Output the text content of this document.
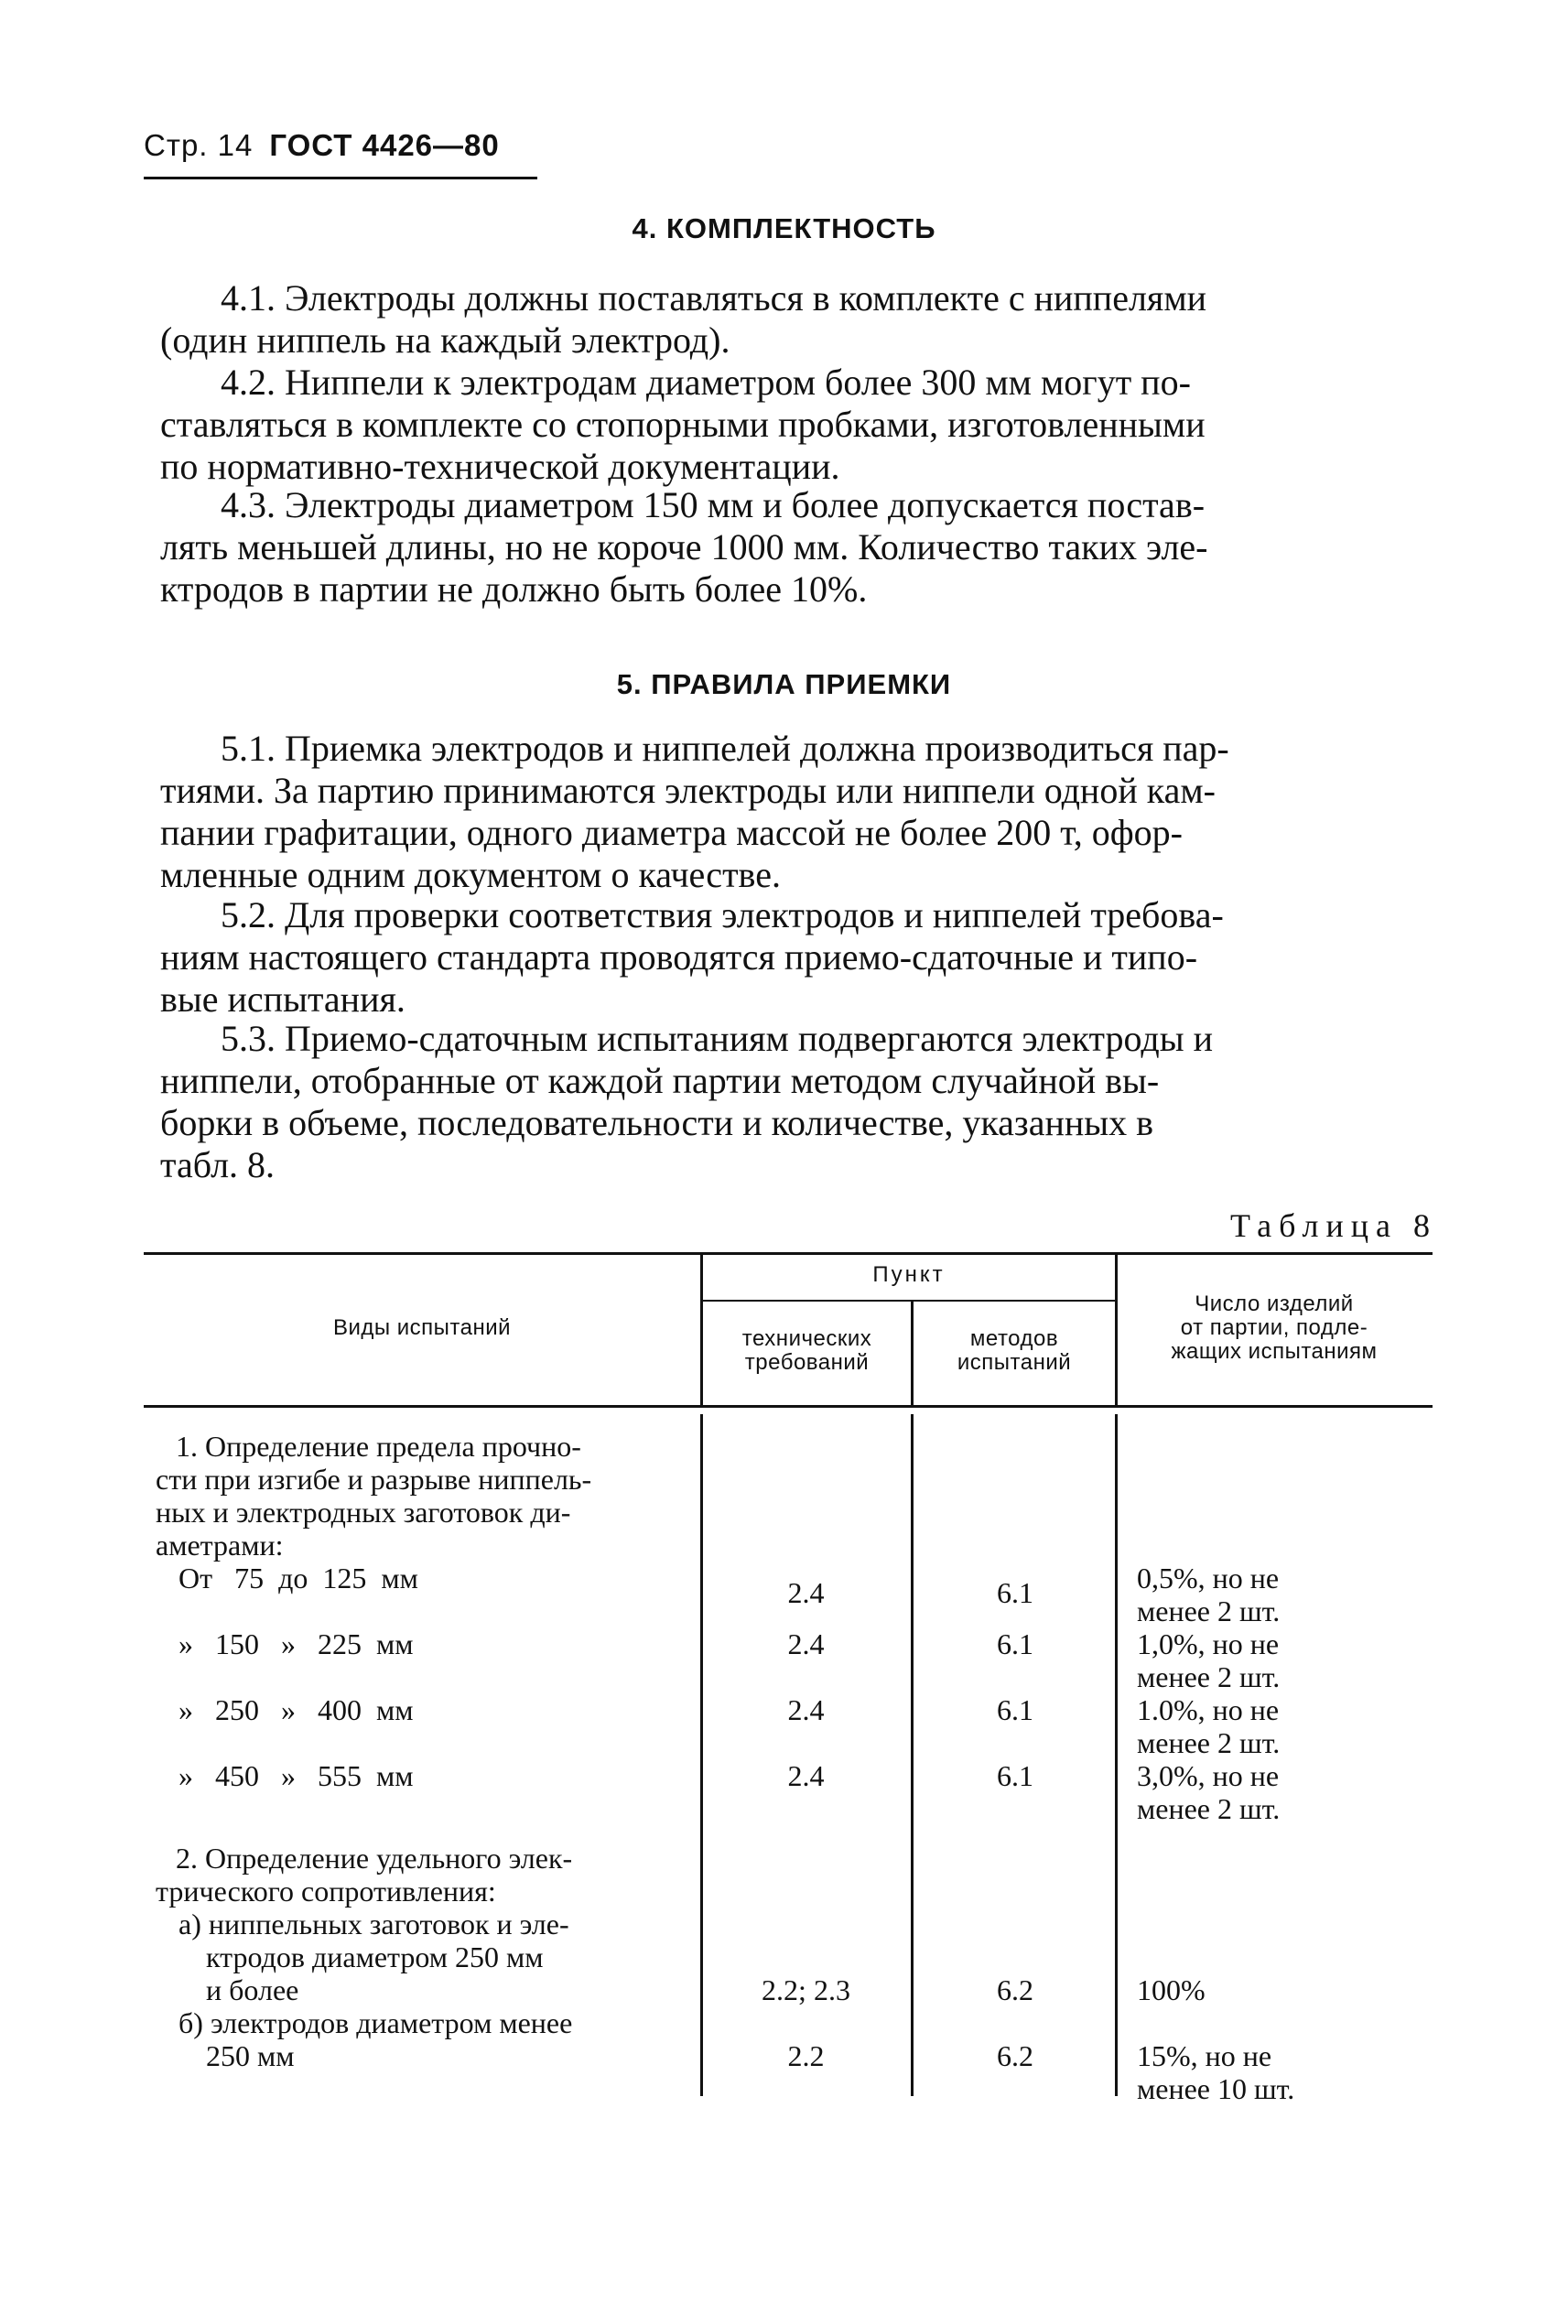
Стр. 14 ГОСТ 4426—80
4. КОМПЛЕКТНОСТЬ
4.1. Электроды должны поставляться в комплекте с ниппелями
(один ниппель на каждый электрод).
4.2. Ниппели к электродам диаметром более 300 мм могут по-
ставляться в комплекте со стопорными пробками, изготовленными
по нормативно-технической документации.
4.3. Электроды диаметром 150 мм и более допускается постав-
лять меньшей длины, но не короче 1000 мм. Количество таких эле-
ктродов в партии не должно быть более 10%.
5. ПРАВИЛА ПРИЕМКИ
5.1. Приемка электродов и ниппелей должна производиться пар-
тиями. За партию принимаются электроды или ниппели одной кам-
пании графитации, одного диаметра массой не более 200 т, офор-
мленные одним документом о качестве.
5.2. Для проверки соответствия электродов и ниппелей требова-
ниям настоящего стандарта проводятся приемо-сдаточные и типо-
вые испытания.
5.3. Приемо-сдаточным испытаниям подвергаются электроды и
ниппели, отобранные от каждой партии методом случайной вы-
борки в объеме, последовательности и количестве, указанных в
табл. 8.
Таблица 8
Виды испытаний
Пункт
технических
требований
методов
испытаний
Число изделий
от партии, подле-
жащих испытаниям
1. Определение предела прочно-
сти при изгибе и разрыве ниппель-
ных и электродных заготовок ди-
аметрами:
От   75  до  125  мм	2.4	6.1	0,5%, но не
менее 2 шт.
»   150   »   225  мм	2.4	6.1	1,0%, но не
менее 2 шт.
»   250   »   400  мм	2.4	6.1	1.0%, но не
менее 2 шт.
»   450   »   555  мм	2.4	6.1	3,0%, но не
менее 2 шт.
2. Определение удельного элек-
трического сопротивления:
а) ниппельных заготовок и эле-
ктродов диаметром 250 мм
и более	2.2; 2.3	6.2	100%
б) электродов диаметром менее
250 мм	2.2	6.2	15%, но не
менее 10 шт.
